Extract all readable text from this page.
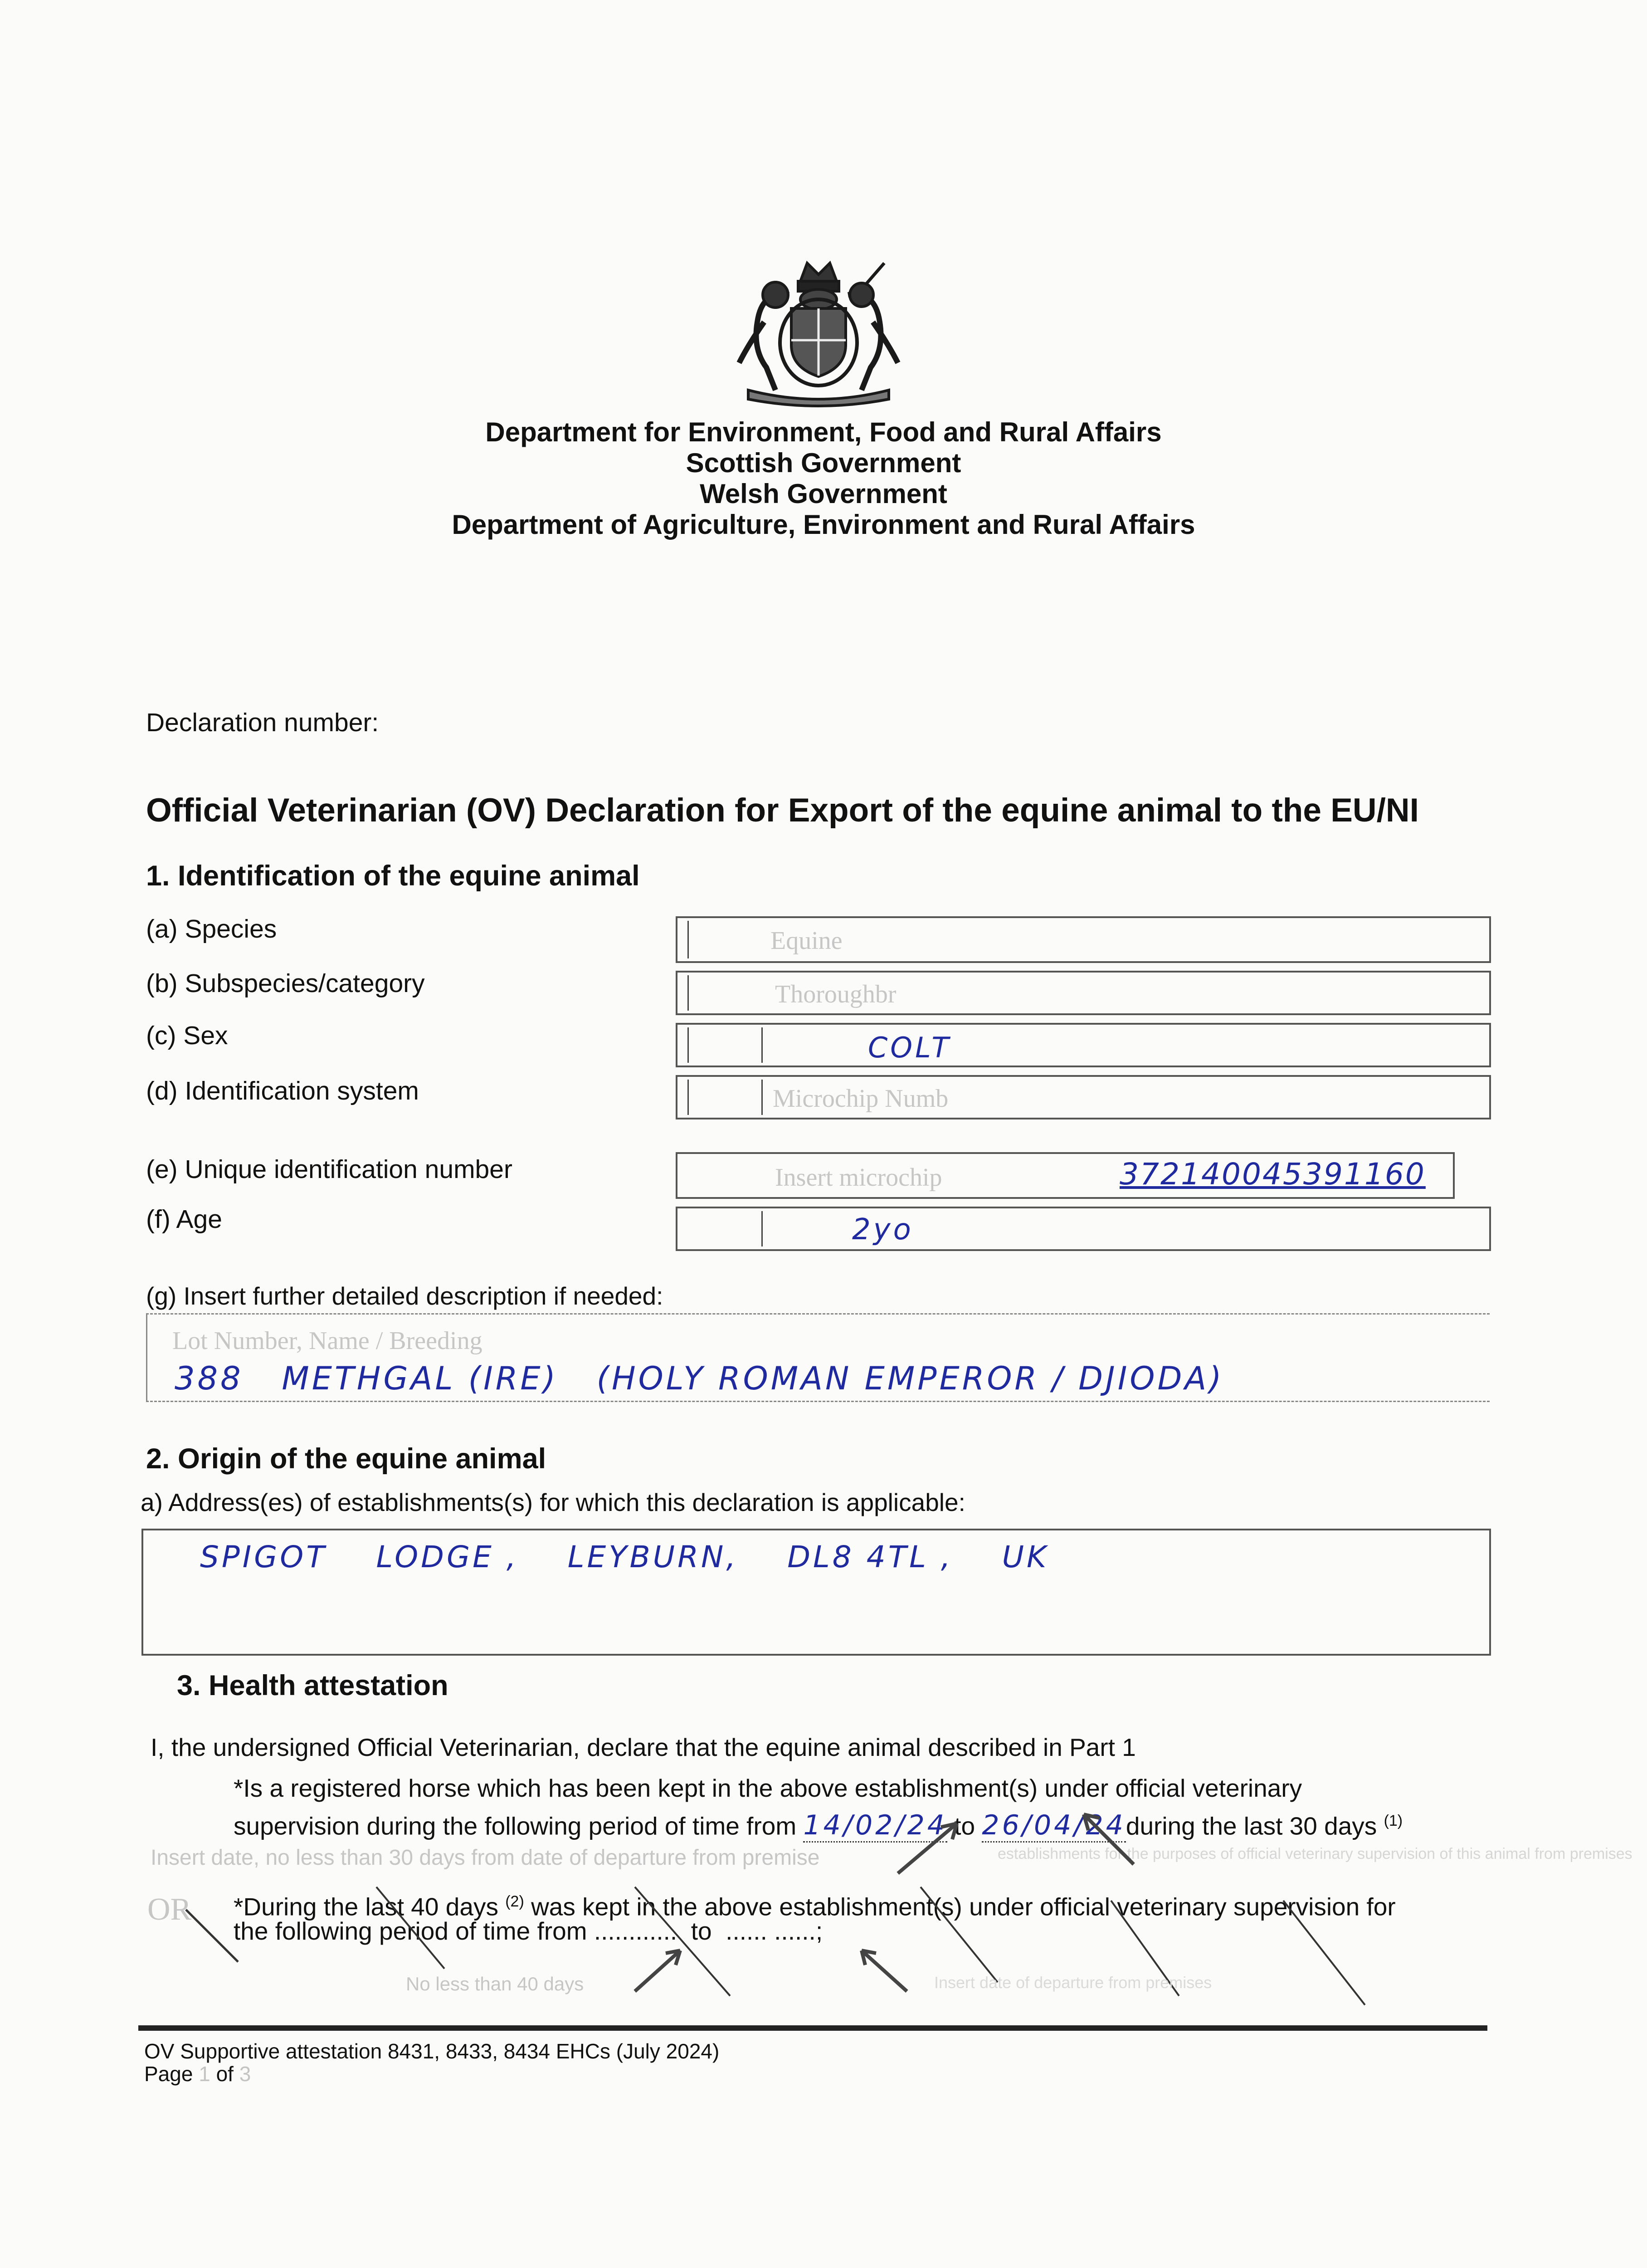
Department for Environment, Food and Rural Affairs
Scottish Government
Welsh Government
Department of Agriculture, Environment and Rural Affairs
Declaration number:
Official Veterinarian (OV) Declaration for Export of the equine animal to the EU/NI
1. Identification of the equine animal
(a) Species	Equine
(b) Subspecies/category	Thoroughbr
(c) Sex	COLT
(d) Identification system	Microchip Numb
(e) Unique identification number	Insert microchip	372140045391160
(f) Age	2yo
(g) Insert further detailed description if needed:
Lot Number, Name / Breeding
388   METHGAL (IRE)   (HOLY ROMAN EMPEROR / DJIODA)
2. Origin of the equine animal
a) Address(es) of establishments(s) for which this declaration is applicable:
SPIGOT    LODGE ,    LEYBURN,    DL8 4TL ,    UK
3. Health attestation
I, the undersigned Official Veterinarian, declare that the equine animal described in Part 1
*Is a registered horse which has been kept in the above establishment(s) under official veterinary
supervision during the following period of time from 14/02/24 to 26/04/24during the last 30 days $^{(1)}$
Insert date, no less than 30 days from date of departure from premise	establishments for the purposes of official veterinary supervision of this animal from premises
OR *During the last 40 days $^{(2)}$ was kept in the above establishment(s) under official veterinary supervision for
the following period of time from ............  to  ...... ......;
No less than 40 days	Insert date of departure from premises
OV Supportive attestation 8431, 8433, 8434 EHCs (July 2024)
Page 1 of 3
